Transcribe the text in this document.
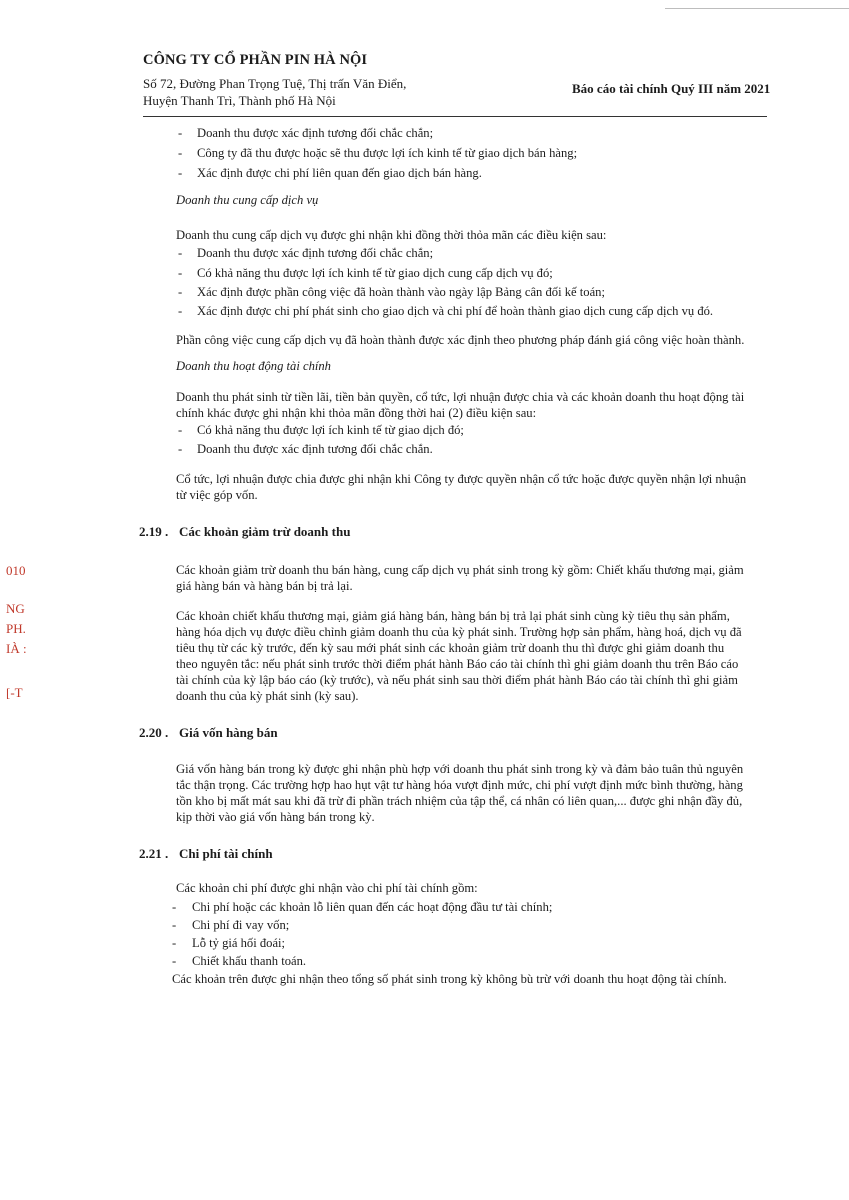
CÔNG TY CỔ PHẦN PIN HÀ NỘI
Số 72, Đường Phan Trọng Tuệ, Thị trấn Văn Điển,
Huyện Thanh Trì, Thành phố Hà Nội
Báo cáo tài chính Quý III năm 2021
010
NG
PH.
IÀ :
[-T
- Doanh thu được xác định tương đối chắc chắn;
- Công ty đã thu được hoặc sẽ thu được lợi ích kinh tế từ giao dịch bán hàng;
- Xác định được chi phí liên quan đến giao dịch bán hàng.
Doanh thu cung cấp dịch vụ
Doanh thu cung cấp dịch vụ được ghi nhận khi đồng thời thỏa mãn các điều kiện sau:
- Doanh thu được xác định tương đối chắc chắn;
- Có khả năng thu được lợi ích kinh tế từ giao dịch cung cấp dịch vụ đó;
- Xác định được phần công việc đã hoàn thành vào ngày lập Bảng cân đối kế toán;
- Xác định được chi phí phát sinh cho giao dịch và chi phí để hoàn thành giao dịch cung cấp dịch vụ đó.
Phần công việc cung cấp dịch vụ đã hoàn thành được xác định theo phương pháp đánh giá công việc hoàn thành.
Doanh thu hoạt động tài chính
Doanh thu phát sinh từ tiền lãi, tiền bản quyền, cổ tức, lợi nhuận được chia và các khoản doanh thu hoạt động tài
chính khác được ghi nhận khi thỏa mãn đồng thời hai (2) điều kiện sau:
- Có khả năng thu được lợi ích kinh tế từ giao dịch đó;
- Doanh thu được xác định tương đối chắc chắn.
Cổ tức, lợi nhuận được chia được ghi nhận khi Công ty được quyền nhận cổ tức hoặc được quyền nhận lợi nhuận
từ việc góp vốn.
2.19 . Các khoản giảm trừ doanh thu
Các khoản giảm trừ doanh thu bán hàng, cung cấp dịch vụ phát sinh trong kỳ gồm: Chiết khấu thương mại, giảm
giá hàng bán và hàng bán bị trả lại.
Các khoản chiết khấu thương mại, giảm giá hàng bán, hàng bán bị trả lại phát sinh cùng kỳ tiêu thụ sản phẩm,
hàng hóa dịch vụ được điều chỉnh giảm doanh thu của kỳ phát sinh. Trường hợp sản phẩm, hàng hoá, dịch vụ đã
tiêu thụ từ các kỳ trước, đến kỳ sau mới phát sinh các khoản giảm trừ doanh thu thì được ghi giảm doanh thu
theo nguyên tắc: nếu phát sinh trước thời điểm phát hành Báo cáo tài chính thì ghi giảm doanh thu trên Báo cáo
tài chính của kỳ lập báo cáo (kỳ trước), và nếu phát sinh sau thời điểm phát hành Báo cáo tài chính thì ghi giảm
doanh thu của kỳ phát sinh (kỳ sau).
2.20 . Giá vốn hàng bán
Giá vốn hàng bán trong kỳ được ghi nhận phù hợp với doanh thu phát sinh trong kỳ và đảm bảo tuân thủ nguyên
tắc thận trọng. Các trường hợp hao hụt vật tư hàng hóa vượt định mức, chi phí vượt định mức bình thường, hàng
tồn kho bị mất mát sau khi đã trừ đi phần trách nhiệm của tập thể, cá nhân có liên quan,... được ghi nhận đầy đủ,
kịp thời vào giá vốn hàng bán trong kỳ.
2.21 . Chi phí tài chính
Các khoản chi phí được ghi nhận vào chi phí tài chính gồm:
- Chi phí hoặc các khoản lỗ liên quan đến các hoạt động đầu tư tài chính;
- Chi phí đi vay vốn;
- Lỗ tỷ giá hối đoái;
- Chiết khấu thanh toán.
Các khoản trên được ghi nhận theo tổng số phát sinh trong kỳ không bù trừ với doanh thu hoạt động tài chính.
